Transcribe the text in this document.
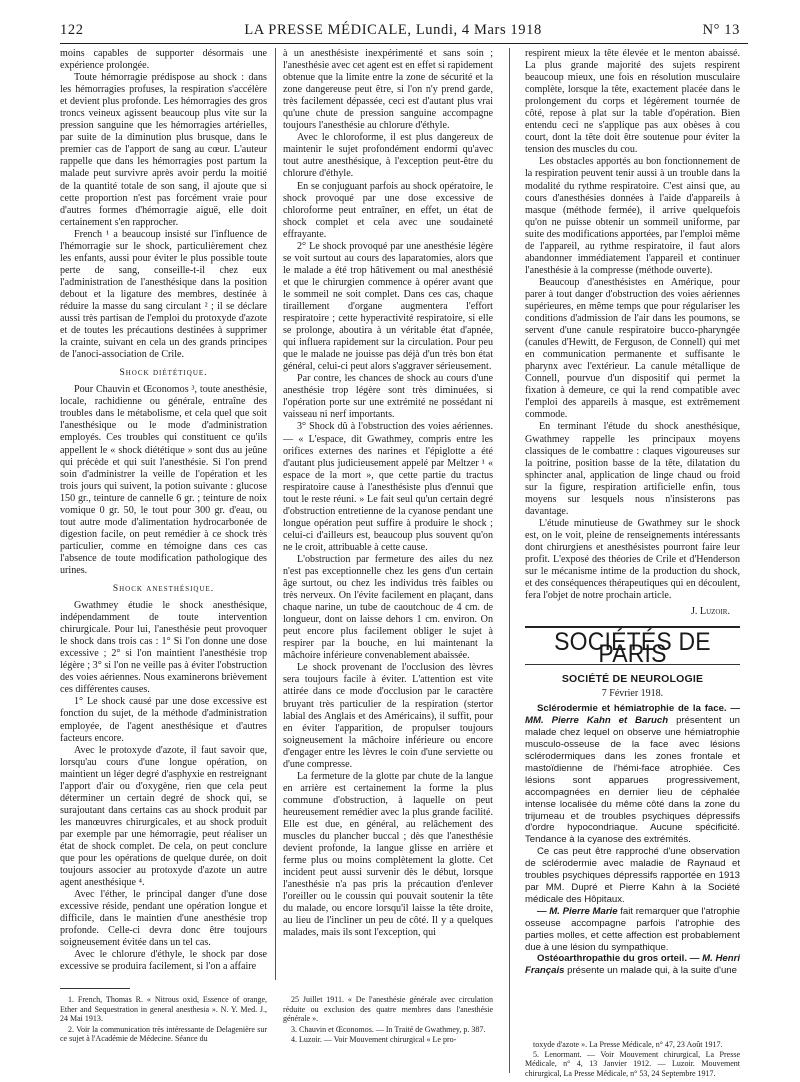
122	LA PRESSE MÉDICALE, Lundi, 4 Mars 1918	N° 13

moins capables de supporter désormais une expérience prolongée.

Toute hémorragie prédispose au shock : dans les hémorragies profuses, la respiration s'accélère et devient plus profonde. Les hémorragies des gros troncs veineux agissent beaucoup plus vite sur la pression sanguine que les hémorragies artérielles, par suite de la diminution plus brusque, dans le premier cas de l'apport de sang au cœur. L'auteur rappelle que dans les hémorragies post partum la malade peut survivre après avoir perdu la moitié de la quantité totale de son sang, il ajoute que si cette proportion n'est pas forcément vraie pour d'autres formes d'hémorragie aiguë, elle doit certainement s'en rapprocher.

French ¹ a beaucoup insisté sur l'influence de l'hémorragie sur le shock, particulièrement chez les enfants, aussi pour éviter le plus possible toute perte de sang, conseille-t-il chez eux l'administration de l'anesthésique dans la position debout et la ligature des membres, destinée à réduire la masse du sang circulant ² ; il se déclare aussi très partisan de l'emploi du protoxyde d'azote et de toutes les précautions destinées à supprimer la crainte, suivant en cela un des grands principes de l'anoci-association de Crile.

Shock diététique.

Pour Chauvin et Œconomos ³, toute anesthésie, locale, rachidienne ou générale, entraîne des troubles dans le métabolisme, et cela quel que soit l'anesthésique ou le mode d'administration employés. Ces troubles qui constituent ce qu'ils appellent le « shock diététique » sont dus au jeûne qui précède et qui suit l'anesthésie. Si l'on prend soin d'administrer la veille de l'opération et les trois jours qui suivent, la potion suivante : glucose 150 gr., teinture de cannelle 6 gr. ; teinture de noix vomique 0 gr. 50, le tout pour 300 gr. d'eau, ou tout autre mode d'alimentation hydrocarbonée de digestion facile, on peut remédier à ce shock très particulier, comme en témoigne dans ces cas l'absence de toute modification pathologique des urines.

Shock anesthésique.

Gwathmey étudie le shock anesthésique, indépendamment de toute intervention chirurgicale. Pour lui, l'anesthésie peut provoquer le shock dans trois cas : 1° Si l'on donne une dose excessive ; 2° si l'on maintient l'anesthésie trop légère ; 3° si l'on ne veille pas à éviter l'obstruction des voies aériennes. Nous examinerons brièvement ces différentes causes.

1° Le shock causé par une dose excessive est fonction du sujet, de la méthode d'administration employée, de l'agent anesthésique et d'autres facteurs encore.

Avec le protoxyde d'azote, il faut savoir que, lorsqu'au cours d'une longue opération, on maintient un léger degré d'asphyxie en restreignant l'apport d'air ou d'oxygène, rien que cela peut déterminer un certain degré de shock qui, se surajoutant dans certains cas au shock produit par les manœuvres chirurgicales, et au shock produit par exemple par une hémorragie, peut réaliser un état de shock complet. De cela, on peut conclure que pour les opérations de quelque durée, on doit toujours associer au protoxyde d'azote un autre agent anesthésique ⁴.

Avec l'éther, le principal danger d'une dose excessive réside, pendant une opération longue et difficile, dans le maintien d'une anesthésie trop profonde. Celle-ci devra donc être toujours soigneusement évitée dans un tel cas.

Avec le chlorure d'éthyle, le shock par dose excessive se produira facilement, si l'on a affaire

à un anesthésiste inexpérimenté et sans soin ; l'anesthésie avec cet agent est en effet si rapidement obtenue que la limite entre la zone de sécurité et la zone dangereuse peut être, si l'on n'y prend garde, très facilement dépassée, ceci est d'autant plus vrai qu'une chute de pression sanguine accompagne toujours l'anesthésie au chlorure d'éthyle.

Avec le chloroforme, il est plus dangereux de maintenir le sujet profondément endormi qu'avec tout autre anesthésique, à l'exception peut-être du chlorure d'éthyle.

En se conjuguant parfois au shock opératoire, le shock provoqué par une dose excessive de chloroforme peut entraîner, en effet, un état de shock complet et cela avec une soudaineté effrayante.

2° Le shock provoqué par une anesthésie légère se voit surtout au cours des laparatomies, alors que le malade a été trop hâtivement ou mal anesthésié et que le chirurgien commence à opérer avant que le sommeil ne soit complet. Dans ces cas, chaque tiraillement d'organe augmentera l'effort respiratoire ; cette hyperactivité respiratoire, si elle se prolonge, aboutira à un véritable état d'apnée, qui influera rapidement sur la circulation. Pour peu que le malade ne jouisse pas déjà d'un très bon état général, celui-ci peut alors s'aggraver sérieusement.

Par contre, les chances de shock au cours d'une anesthésie trop légère sont très diminuées, si l'opération porte sur une extrémité ne possédant ni vaisseau ni nerf importants.

3° Shock dû à l'obstruction des voies aériennes. — « L'espace, dit Gwathmey, compris entre les orifices externes des narines et l'épiglotte a été d'autant plus judicieusement appelé par Meltzer ¹ « espace de la mort », que cette partie du tractus respiratoire cause à l'anesthésiste plus d'ennui que tout le reste réuni. » Le fait seul qu'un certain degré d'obstruction entretienne de la cyanose pendant une longue opération peut suffire à produire le shock ; celui-ci d'ailleurs est, beaucoup plus souvent qu'on ne le croit, attribuable à cette cause.

L'obstruction par fermeture des ailes du nez n'est pas exceptionnelle chez les gens d'un certain âge surtout, ou chez les individus très faibles ou très nerveux. On l'évite facilement en plaçant, dans chaque narine, un tube de caoutchouc de 4 cm. de longueur, dont on laisse dehors 1 cm. environ. On peut encore plus facilement obliger le sujet à respirer par la bouche, en lui maintenant la mâchoire inférieure convenablement abaissée.

Le shock provenant de l'occlusion des lèvres sera toujours facile à éviter. L'attention est vite attirée dans ce mode d'occlusion par le caractère bruyant très particulier de la respiration (stertor labial des Anglais et des Américains), il suffit, pour en éviter l'apparition, de propulser toujours soigneusement la mâchoire inférieure ou encore d'engager entre les lèvres le coin d'une serviette ou d'une compresse.

La fermeture de la glotte par chute de la langue en arrière est certainement la forme la plus commune d'obstruction, à laquelle on peut heureusement remédier avec la plus grande facilité. Elle est due, en général, au relâchement des muscles du plancher buccal ; dès que l'anesthésie devient profonde, la langue glisse en arrière et ferme plus ou moins complètement la glotte. Cet incident peut aussi survenir dès le début, lorsque l'anesthésie n'a pas pris la précaution d'enlever l'oreiller ou le coussin qui pouvait soutenir la tête du malade, ou encore lorsqu'il laisse la tête droite, au lieu de l'incliner un peu de côté. Il y a quelques malades, mais ils sont l'exception, qui

respirent mieux la tête élevée et le menton abaissé. La plus grande majorité des sujets respirent beaucoup mieux, une fois en résolution musculaire complète, lorsque la tête, exactement placée dans le prolongement du corps et légèrement tournée de côté, repose à plat sur la table d'opération. Bien entendu ceci ne s'applique pas aux obèses à cou court, dont la tête doit être soutenue pour éviter la tension des muscles du cou.

Les obstacles apportés au bon fonctionnement de la respiration peuvent tenir aussi à un trouble dans la modalité du rythme respiratoire. C'est ainsi que, au cours d'anesthésies données à l'aide d'appareils à masque (méthode fermée), il arrive quelquefois qu'on ne puisse obtenir un sommeil uniforme, par suite des modifications apportées, par l'emploi même de l'appareil, au rythme respiratoire, il faut alors abandonner immédiatement l'appareil et continuer l'anesthésie à la compresse (méthode ouverte).

Beaucoup d'anesthésistes en Amérique, pour parer à tout danger d'obstruction des voies aériennes supérieures, en même temps que pour régulariser les conditions d'admission de l'air dans les poumons, se servent d'une canule respiratoire bucco-pharyngée (canules d'Hewitt, de Ferguson, de Connell) qui met en communication permanente et suffisante le pharynx avec l'extérieur. La canule métallique de Connell, pourvue d'un dispositif qui permet la fixation à demeure, ce qui la rend compatible avec l'emploi des appareils à masque, est extrêmement commode.

En terminant l'étude du shock anesthésique, Gwathmey rappelle les principaux moyens classiques de le combattre : claques vigoureuses sur la poitrine, position basse de la tête, dilatation du sphincter anal, application de linge chaud ou froid sur la figure, respiration artificielle enfin, tous moyens sur lesquels nous n'insisterons pas davantage.

L'étude minutieuse de Gwathmey sur le shock est, on le voit, pleine de renseignements intéressants dont chirurgiens et anesthésistes pourront faire leur profit. L'exposé des théories de Crile et d'Henderson sur le mécanisme intime de la production du shock, et des conséquences thérapeutiques qui en découlent, fera l'objet de notre prochain article.

J. Luzoir.
SOCIÉTÉS DE PARIS
SOCIÉTÉ DE NEUROLOGIE
7 Février 1918.

Sclérodermie et hémiatrophie de la face. — MM. Pierre Kahn et Baruch présentent un malade chez lequel on observe une hémiatrophie musculo-osseuse de la face avec lésions sclérodermiques dans les zones frontale et mastoïdienne de l'hémi-face atrophiée. Ces lésions sont apparues progressivement, accompagnées en dernier lieu de céphalée intense localisée du même côté dans la zone du trijumeau et de troubles psychiques dépressifs d'ordre hypocondriaque. Aucune spécificité. Tendance à la cyanose des extrémités.

Ce cas peut être rapproché d'une observation de sclérodermie avec maladie de Raynaud et troubles psychiques dépressifs rapportée en 1913 par MM. Dupré et Pierre Kahn à la Société médicale des Hôpitaux.

— M. Pierre Marie fait remarquer que l'atrophie osseuse accompagne parfois l'atrophie des parties molles, et cette affection est probablement due à une lésion du sympathique.

Ostéoarthropathie du gros orteil. — M. Henri Français présente un malade qui, à la suite d'une

1. French, Thomas R. « Nitrous oxid, Essence of orange, Ether and Sequestration in general anesthesia ». N. Y. Med. J., 24 Mai 1913.

2. Voir la communication très intéressante de Delagenière sur ce sujet à l'Académie de Médecine. Séance du

25 Juillet 1911. « De l'anesthésie générale avec circulation réduite ou exclusion des quatre membres dans l'anesthésie générale ».

3. Chauvin et Œconomos. — In Traité de Gwathmey, p. 387.

4. Luzoir. — Voir Mouvement chirurgical « Le pro-

toxyde d'azote ». La Presse Médicale, n° 47, 23 Août 1917.

5. Lenormant. — Voir Mouvement chirurgical, La Presse Médicale, n° 4, 13 Janvier 1912. — Luzoir. Mouvement chirurgical, La Presse Médicale, n° 53, 24 Septembre 1917.
